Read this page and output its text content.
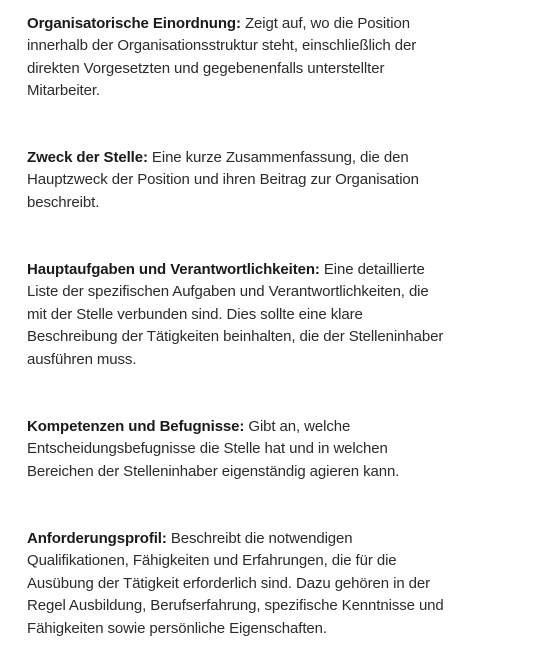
Organisatorische Einordnung: Zeigt auf, wo die Position
innerhalb der Organisationsstruktur steht, einschließlich der
direkten Vorgesetzten und gegebenenfalls unterstellter
Mitarbeiter.
Zweck der Stelle: Eine kurze Zusammenfassung, die den
Hauptzweck der Position und ihren Beitrag zur Organisation
beschreibt.
Hauptaufgaben und Verantwortlichkeiten: Eine detaillierte
Liste der spezifischen Aufgaben und Verantwortlichkeiten, die
mit der Stelle verbunden sind. Dies sollte eine klare
Beschreibung der Tätigkeiten beinhalten, die der Stelleninhaber
ausführen muss.
Kompetenzen und Befugnisse: Gibt an, welche
Entscheidungsbefugnisse die Stelle hat und in welchen
Bereichen der Stelleninhaber eigenständig agieren kann.
Anforderungsprofil: Beschreibt die notwendigen
Qualifikationen, Fähigkeiten und Erfahrungen, die für die
Ausübung der Tätigkeit erforderlich sind. Dazu gehören in der
Regel Ausbildung, Berufserfahrung, spezifische Kenntnisse und
Fähigkeiten sowie persönliche Eigenschaften.
